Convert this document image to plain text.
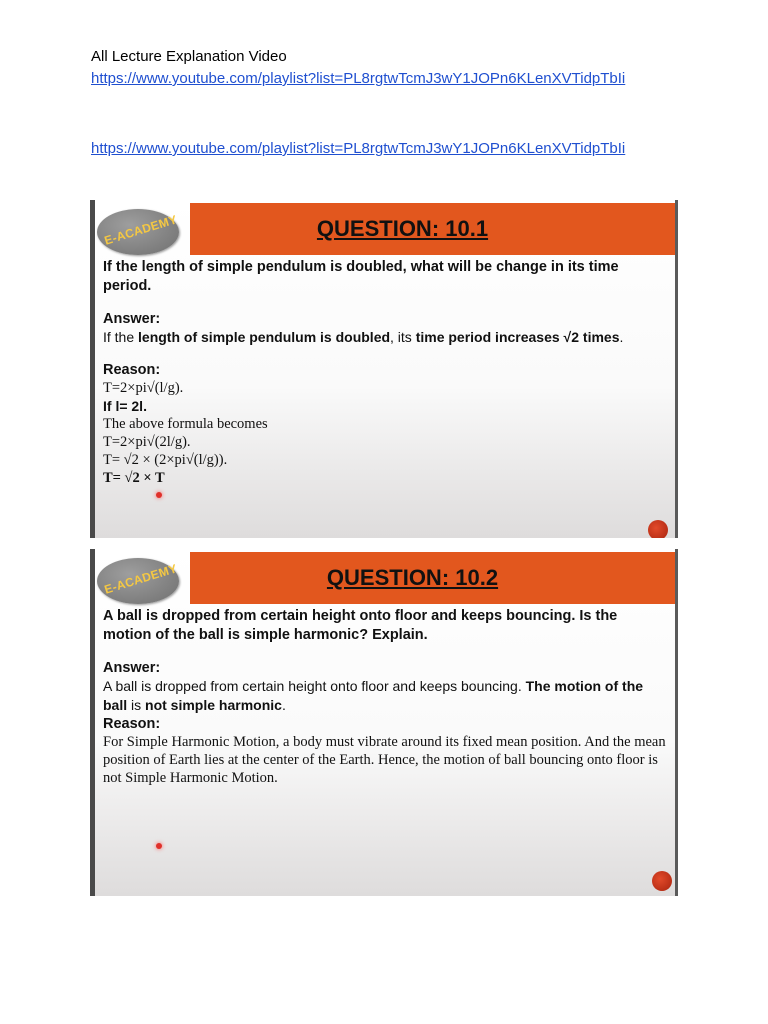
All Lecture Explanation Video
https://www.youtube.com/playlist?list=PL8rgtwTcmJ3wY1JOPn6KLenXVTidpTbIi
https://www.youtube.com/playlist?list=PL8rgtwTcmJ3wY1JOPn6KLenXVTidpTbIi
QUESTION: 10.1
E-ACADEMY

If the length of simple pendulum is doubled, what will be change in its time period.

Answer:

If the length of simple pendulum is doubled, its time period increases √2 times.

Reason:

T=2×pi√(l/g).

If l= 2l.

The above formula becomes

T=2×pi√(2l/g).

T= √2 × (2×pi√(l/g)).

T= √2 × T

QUESTION: 10.2
E-ACADEMY

A ball is dropped from certain height onto floor and keeps bouncing. Is the motion of the ball is simple harmonic? Explain.

Answer:

A ball is dropped from certain height onto floor and keeps bouncing. The motion of the ball is not simple harmonic.

Reason:

For Simple Harmonic Motion, a body must vibrate around its fixed mean position. And the mean position of Earth lies at the center of the Earth. Hence, the motion of ball bouncing onto floor is not Simple Harmonic Motion.
